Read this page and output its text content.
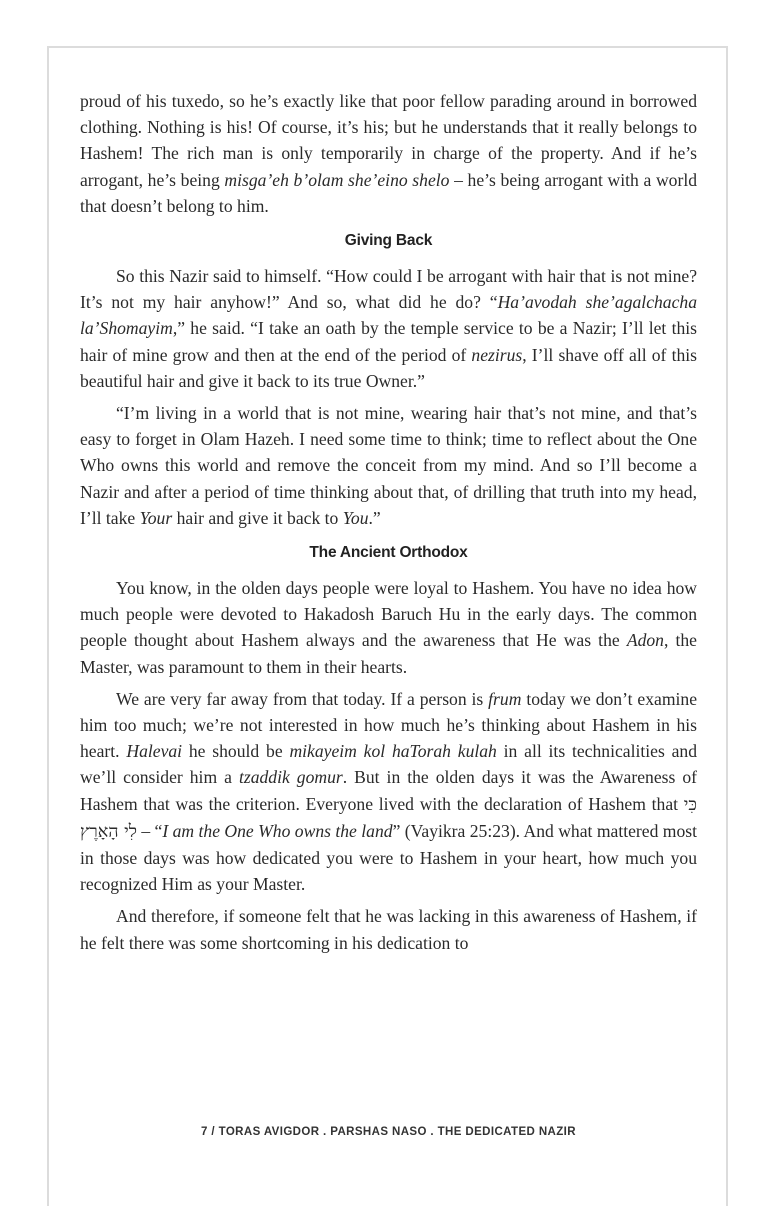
proud of his tuxedo, so he’s exactly like that poor fellow parading around in borrowed clothing. Nothing is his! Of course, it’s his; but he understands that it really belongs to Hashem! The rich man is only temporarily in charge of the property. And if he’s arrogant, he’s being misga’eh b’olam she’eino shelo – he’s being arrogant with a world that doesn’t belong to him.

Giving Back

So this Nazir said to himself. “How could I be arrogant with hair that is not mine? It’s not my hair anyhow!” And so, what did he do? “Ha’avodah she’agalchacha la’Shomayim,” he said. “I take an oath by the temple service to be a Nazir; I’ll let this hair of mine grow and then at the end of the period of nezirus, I’ll shave off all of this beautiful hair and give it back to its true Owner.”

“I’m living in a world that is not mine, wearing hair that’s not mine, and that’s easy to forget in Olam Hazeh. I need some time to think; time to reflect about the One Who owns this world and remove the conceit from my mind. And so I’ll become a Nazir and after a period of time thinking about that, of drilling that truth into my head, I’ll take Your hair and give it back to You.”

The Ancient Orthodox

You know, in the olden days people were loyal to Hashem. You have no idea how much people were devoted to Hakadosh Baruch Hu in the early days. The common people thought about Hashem always and the awareness that He was the Adon, the Master, was paramount to them in their hearts.

We are very far away from that today. If a person is frum today we don’t examine him too much; we’re not interested in how much he’s thinking about Hashem in his heart. Halevai he should be mikayeim kol haTorah kulah in all its technicalities and we’ll consider him a tzaddik gomur. But in the olden days it was the Awareness of Hashem that was the criterion. Everyone lived with the declaration of Hashem that כִּי לִי הָאָרֶץ – “I am the One Who owns the land” (Vayikra 25:23). And what mattered most in those days was how dedicated you were to Hashem in your heart, how much you recognized Him as your Master.

And therefore, if someone felt that he was lacking in this awareness of Hashem, if he felt there was some shortcoming in his dedication to

7 / TORAS AVIGDOR . PARSHAS NASO . THE DEDICATED NAZIR
